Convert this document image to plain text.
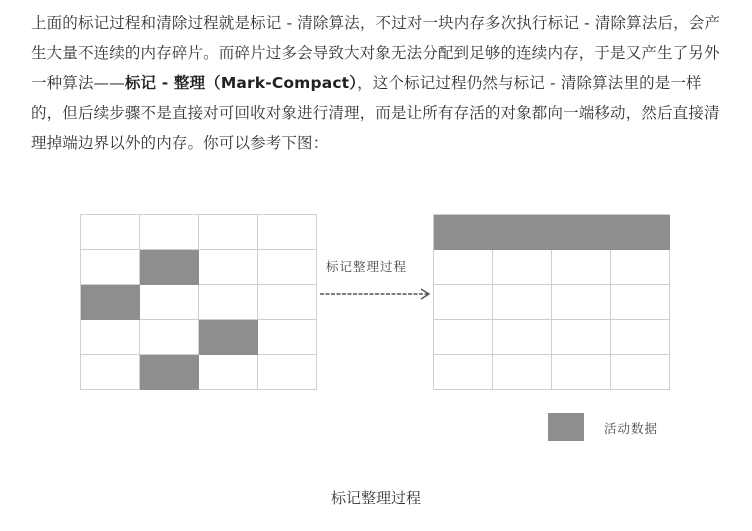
上面的标记过程和清除过程就是标记 - 清除算法，不过对一块内存多次执行标记 - 清除算法后，会产生大量不连续的内存碎片。而碎片过多会导致大对象无法分配到足够的连续内存，于是又产生了另外一种算法——标记 - 整理（Mark-Compact），这个标记过程仍然与标记 - 清除算法里的是一样的，但后续步骤不是直接对可回收对象进行清理，而是让所有存活的对象都向一端移动，然后直接清理掉端边界以外的内存。你可以参考下图：

标记整理过程
活动数据
标记整理过程
